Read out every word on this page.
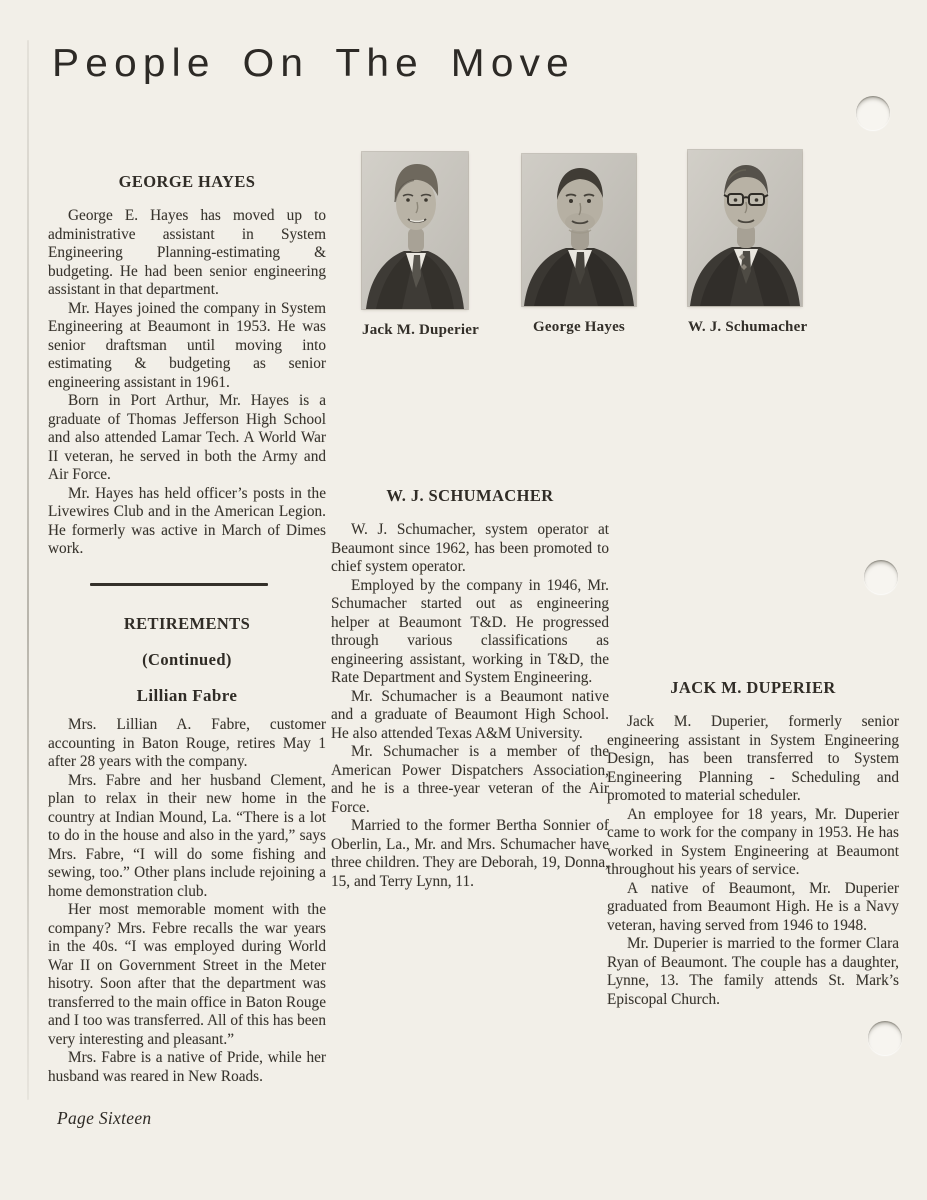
People On The Move
Jack M. Duperier	George Hayes	W. J. Schumacher
GEORGE HAYES

George E. Hayes has moved up to administrative assistant in System Engineering Planning-estimating & budgeting. He had been senior engineering assistant in that department.

Mr. Hayes joined the company in System Engineering at Beaumont in 1953. He was senior draftsman until moving into estimating & budgeting as senior engineering assistant in 1961.

Born in Port Arthur, Mr. Hayes is a graduate of Thomas Jefferson High School and also attended Lamar Tech. A World War II veteran, he served in both the Army and Air Force.

Mr. Hayes has held officer’s posts in the Livewires Club and in the American Legion. He formerly was active in March of Dimes work.

RETIREMENTS
(Continued)
Lillian Fabre

Mrs. Lillian A. Fabre, customer accounting in Baton Rouge, retires May 1 after 28 years with the company.

Mrs. Fabre and her husband Clement, plan to relax in their new home in the country at Indian Mound, La. “There is a lot to do in the house and also in the yard,” says Mrs. Fabre, “I will do some fishing and sewing, too.” Other plans include rejoining a home demonstration club.

Her most memorable moment with the company? Mrs. Febre recalls the war years in the 40s. “I was employed during World War II on Government Street in the Meter hisotry. Soon after that the department was transferred to the main office in Baton Rouge and I too was transferred. All of this has been very interesting and pleasant.”

Mrs. Fabre is a native of Pride, while her husband was reared in New Roads.

W. J. SCHUMACHER

W. J. Schumacher, system operator at Beaumont since 1962, has been promoted to chief system operator.

Employed by the company in 1946, Mr. Schumacher started out as engineering helper at Beaumont T&D. He progressed through various classifications as engineering assistant, working in T&D, the Rate Department and System Engineering.

Mr. Schumacher is a Beaumont native and a graduate of Beaumont High School. He also attended Texas A&M University.

Mr. Schumacher is a member of the American Power Dispatchers Association, and he is a three-year veteran of the Air Force.

Married to the former Bertha Sonnier of Oberlin, La., Mr. and Mrs. Schumacher have three children. They are Deborah, 19, Donna, 15, and Terry Lynn, 11.

JACK M. DUPERIER

Jack M. Duperier, formerly senior engineering assistant in System Engineering Design, has been transferred to System Engineering Planning - Scheduling and promoted to material scheduler.

An employee for 18 years, Mr. Duperier came to work for the company in 1953. He has worked in System Engineering at Beaumont throughout his years of service.

A native of Beaumont, Mr. Duperier graduated from Beaumont High. He is a Navy veteran, having served from 1946 to 1948.

Mr. Duperier is married to the former Clara Ryan of Beaumont. The couple has a daughter, Lynne, 13. The family attends St. Mark’s Episcopal Church.

Page Sixteen
